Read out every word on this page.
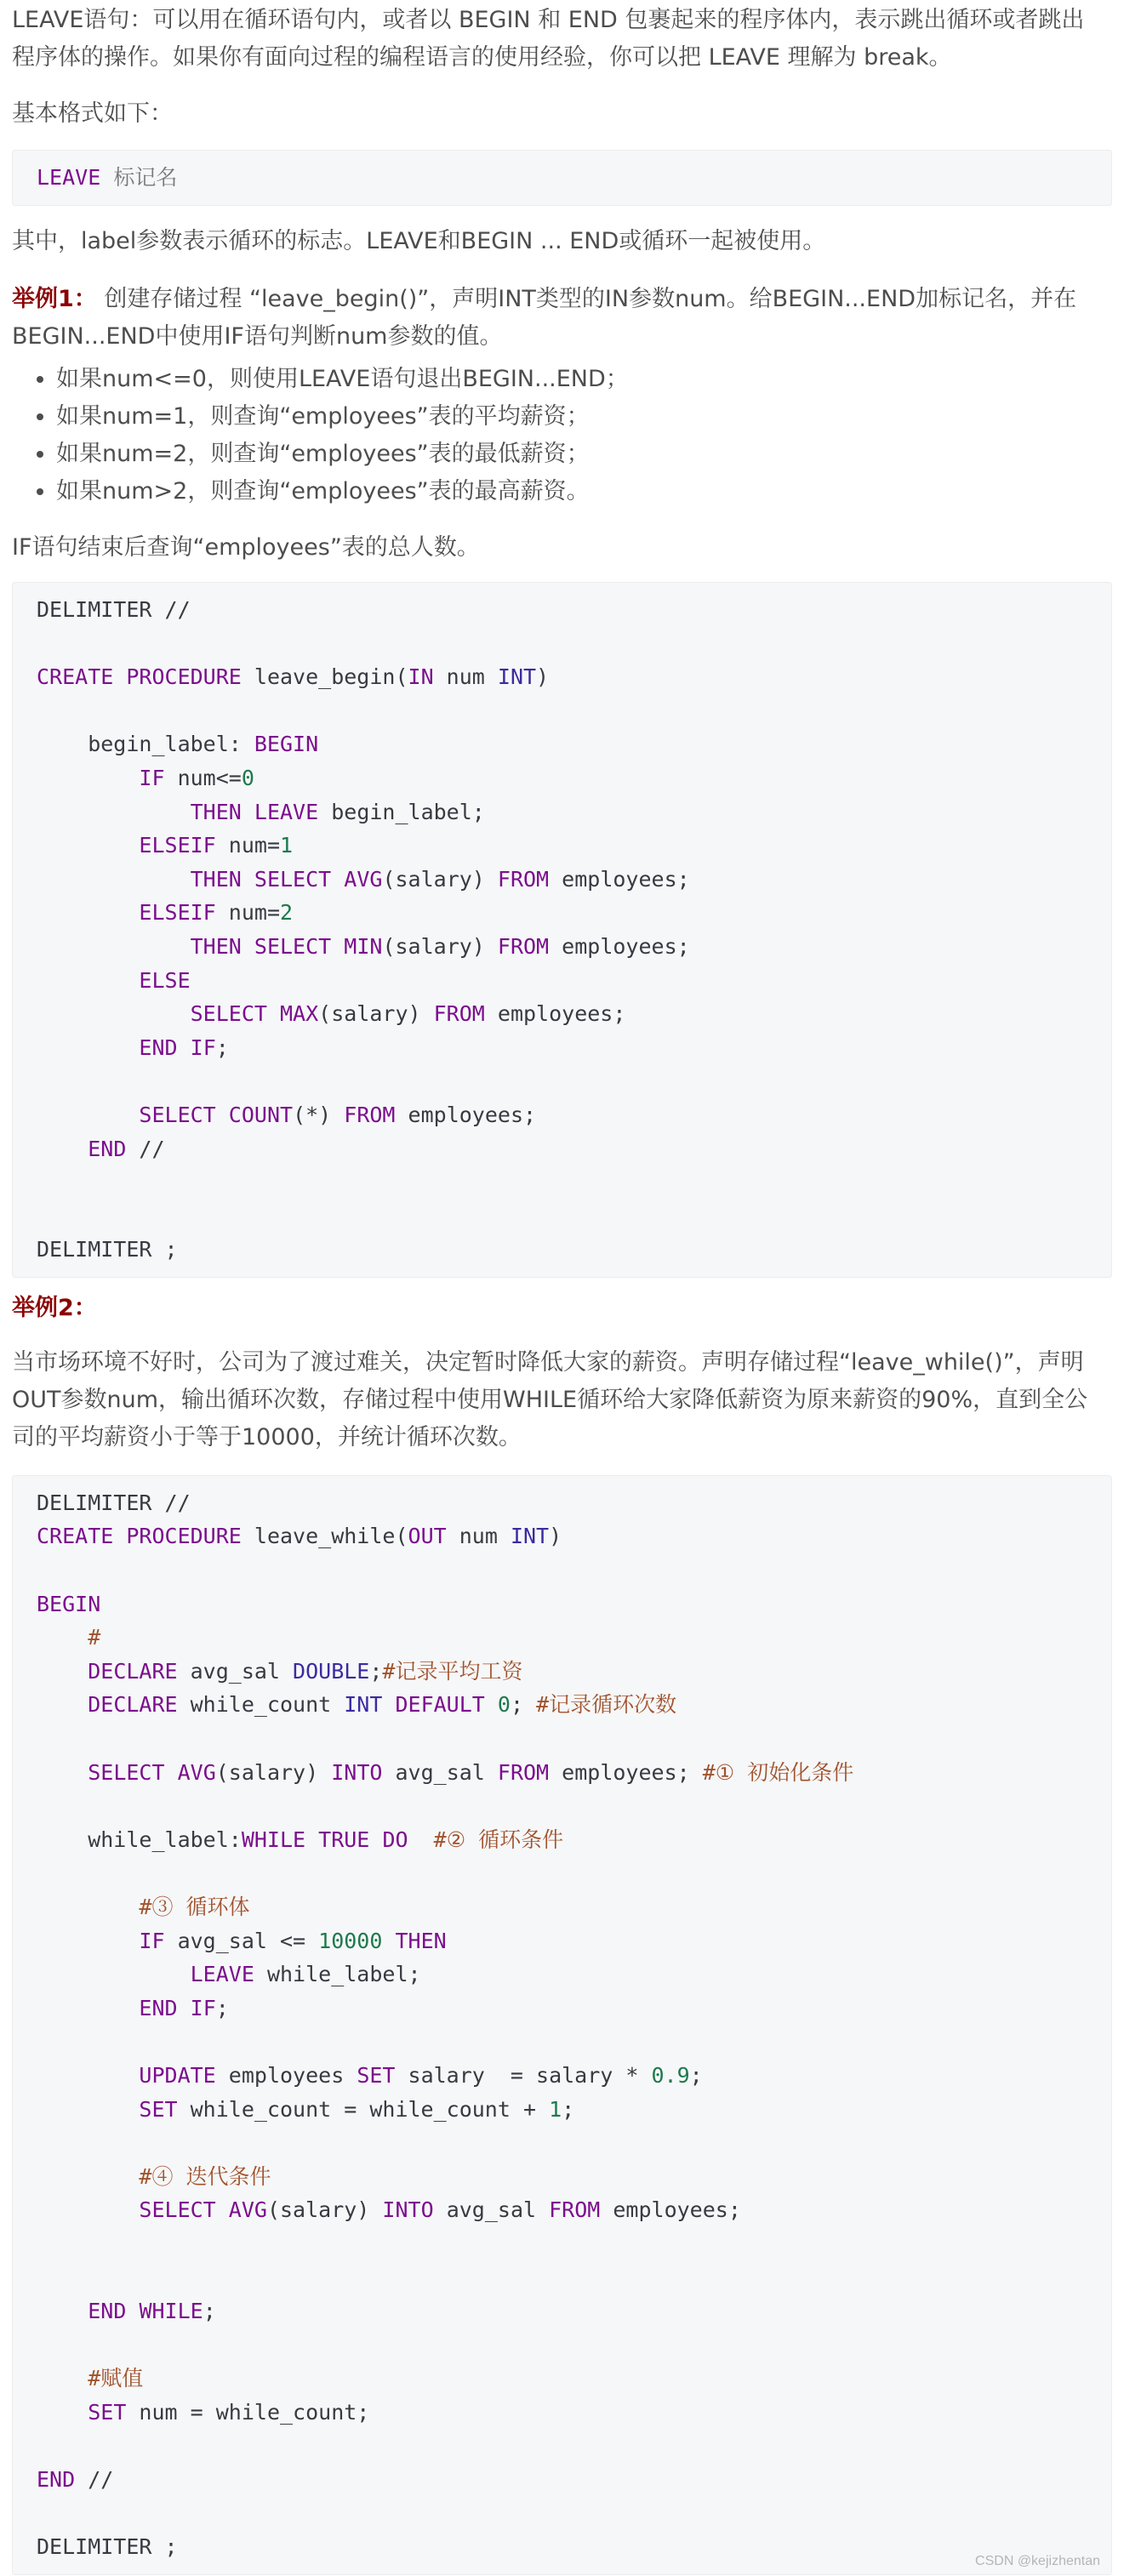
LEAVE语句：可以用在循环语句内，或者以 BEGIN 和 END 包裹起来的程序体内，表示跳出循环或者跳出
程序体的操作。如果你有面向过程的编程语言的使用经验，你可以把 LEAVE 理解为 break。

基本格式如下：

LEAVE 标记名

其中，label参数表示循环的标志。LEAVE和BEGIN ... END或循环一起被使用。

举例1： 创建存储过程 “leave_begin()”，声明INT类型的IN参数num。给BEGIN...END加标记名，并在
BEGIN...END中使用IF语句判断num参数的值。

• 如果num<=0，则使用LEAVE语句退出BEGIN...END；
• 如果num=1，则查询“employees”表的平均薪资；
• 如果num=2，则查询“employees”表的最低薪资；
• 如果num>2，则查询“employees”表的最高薪资。

IF语句结束后查询“employees”表的总人数。

DELIMITER //

CREATE PROCEDURE leave_begin(IN num INT)

begin_label: BEGIN
IF num<=0
THEN LEAVE begin_label;
ELSEIF num=1
THEN SELECT AVG(salary) FROM employees;
ELSEIF num=2
THEN SELECT MIN(salary) FROM employees;
ELSE
SELECT MAX(salary) FROM employees;
END IF;

SELECT COUNT(*) FROM employees;
END //

DELIMITER ;

举例2：

当市场环境不好时，公司为了渡过难关，决定暂时降低大家的薪资。声明存储过程“leave_while()”，声明
OUT参数num，输出循环次数，存储过程中使用WHILE循环给大家降低薪资为原来薪资的90%，直到全公
司的平均薪资小于等于10000，并统计循环次数。

DELIMITER //
CREATE PROCEDURE leave_while(OUT num INT)

BEGIN
#
DECLARE avg_sal DOUBLE;#记录平均工资
DECLARE while_count INT DEFAULT 0; #记录循环次数

SELECT AVG(salary) INTO avg_sal FROM employees; #① 初始化条件

while_label:WHILE TRUE DO #② 循环条件

#③ 循环体
IF avg_sal <= 10000 THEN
LEAVE while_label;
END IF;

UPDATE employees SET salary  = salary * 0.9;
SET while_count = while_count + 1;

#④ 迭代条件
SELECT AVG(salary) INTO avg_sal FROM employees;

END WHILE;

#赋值
SET num = while_count;

END //

DELIMITER ;
CSDN @kejizhentan
